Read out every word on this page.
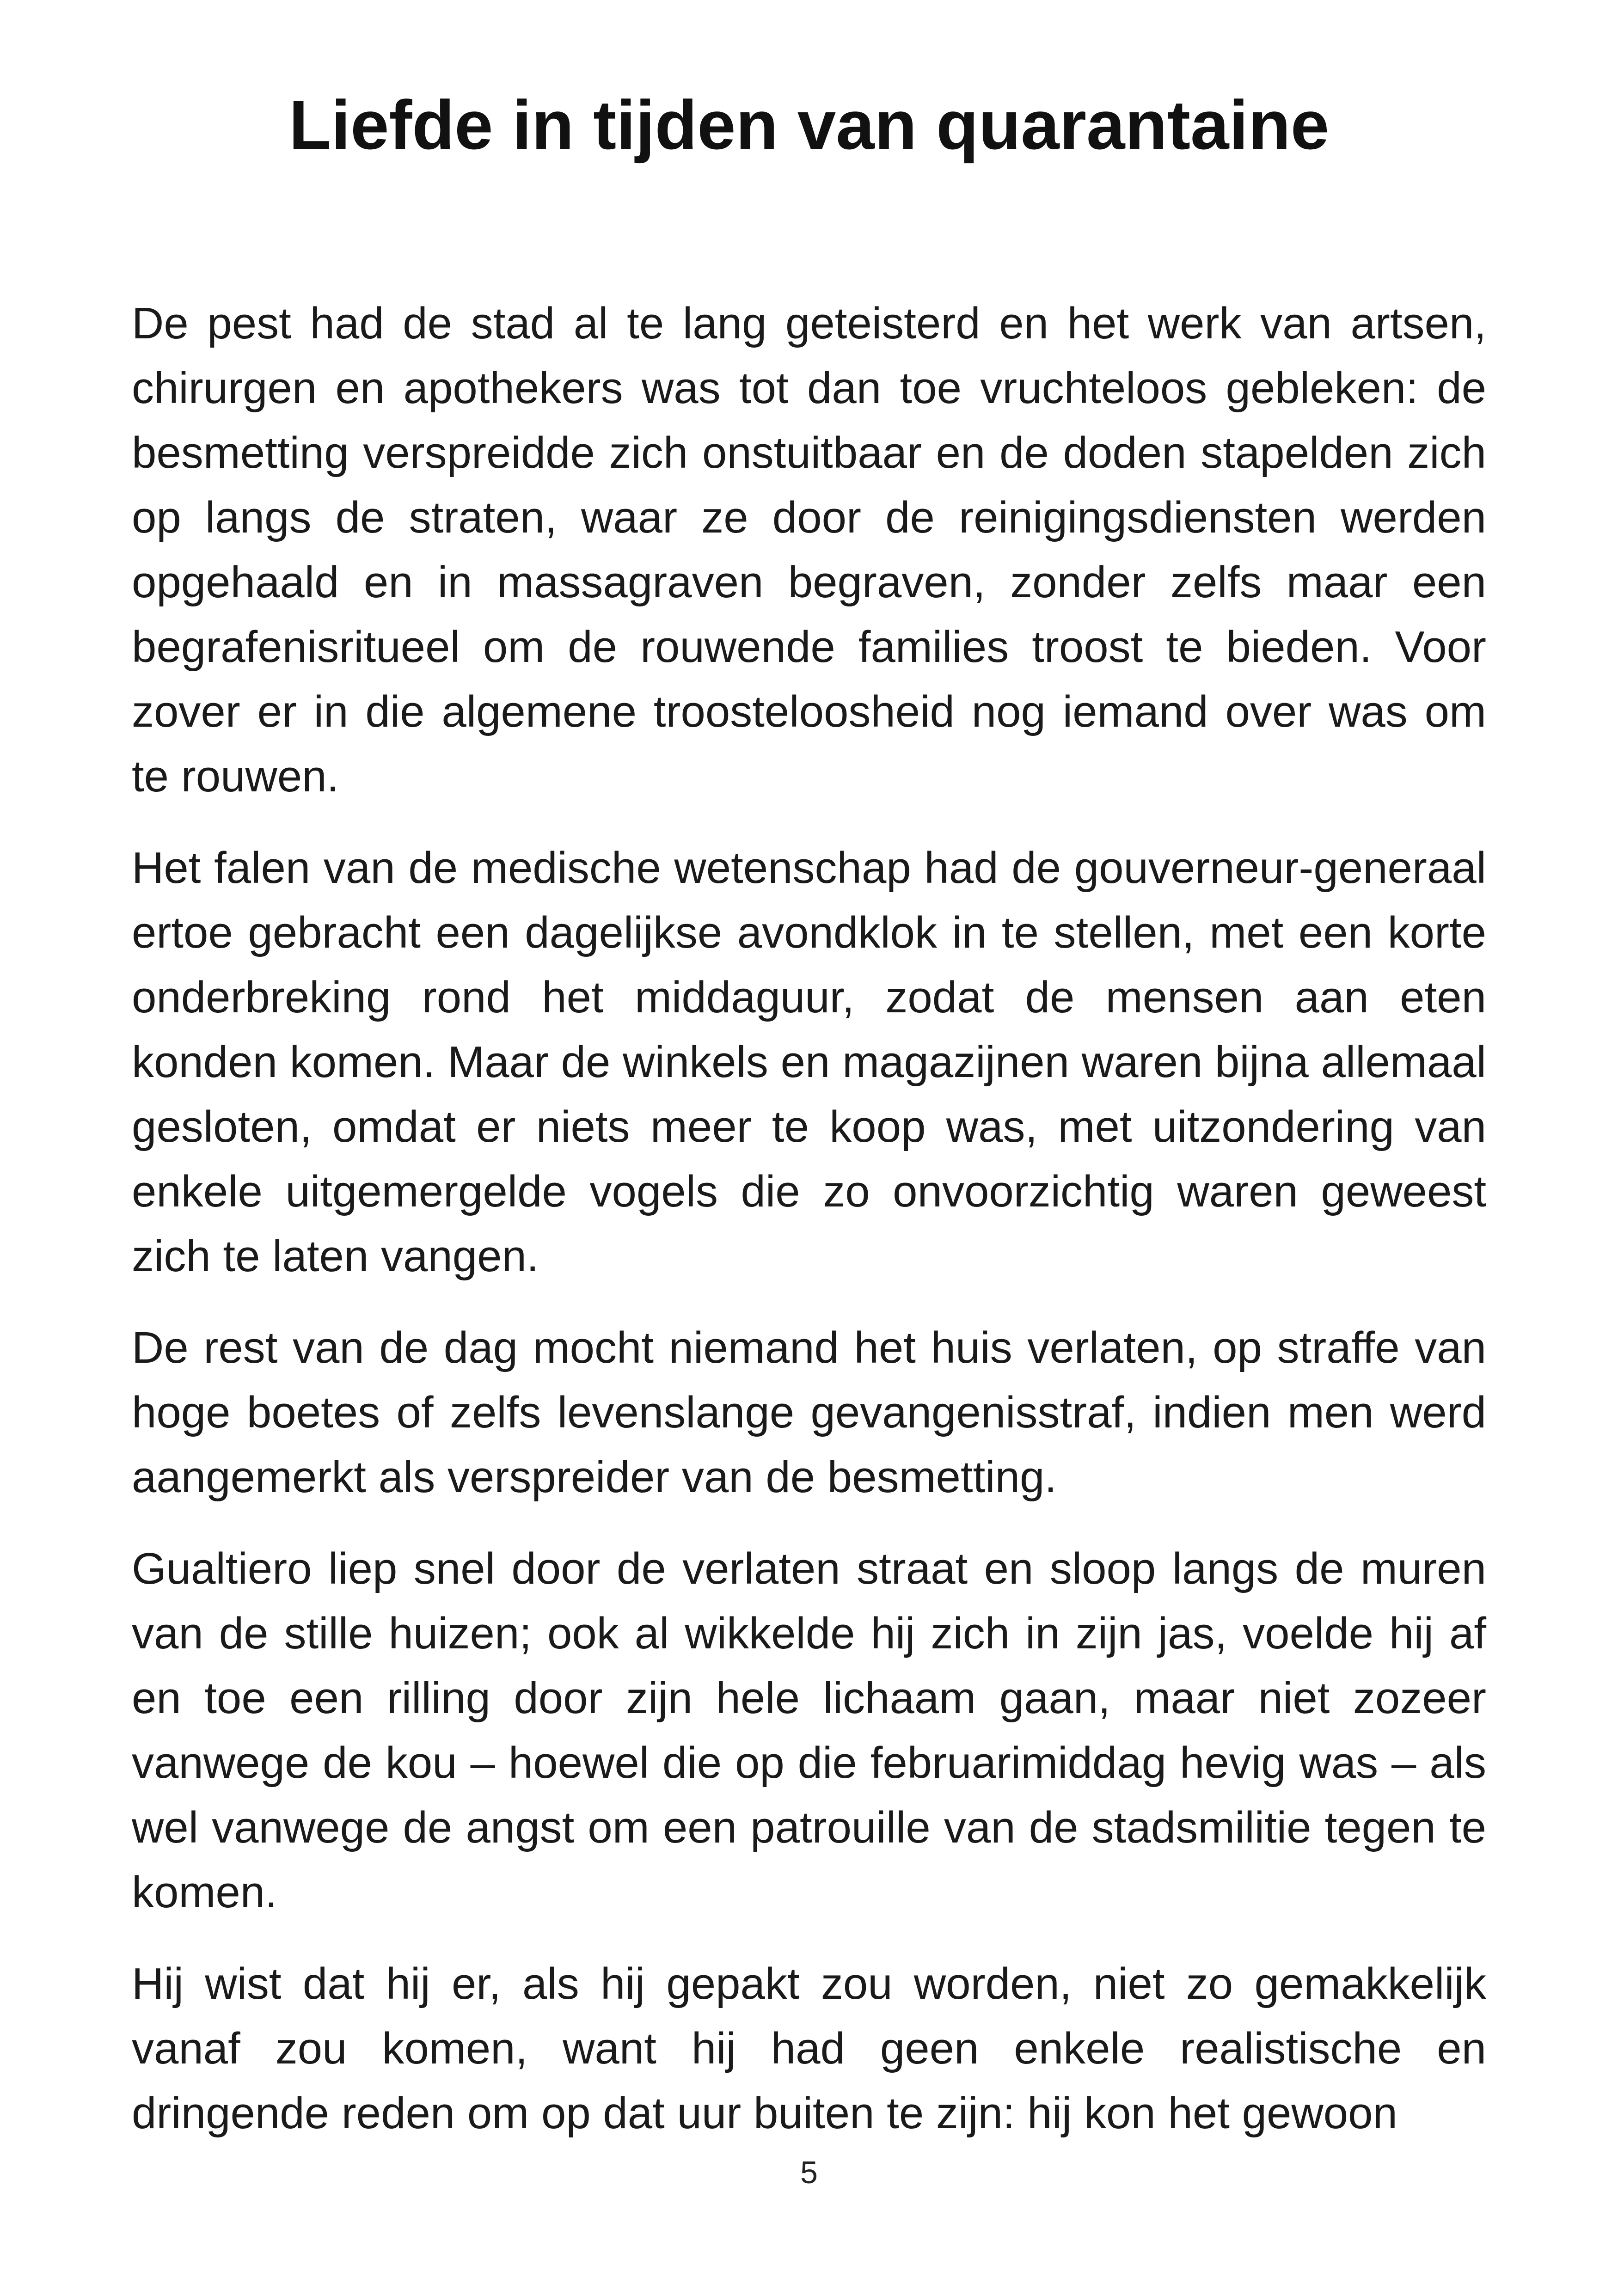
Liefde in tijden van quarantaine

De pest had de stad al te lang geteisterd en het werk van artsen, chirurgen en apothekers was tot dan toe vruchteloos gebleken: de besmetting verspreidde zich onstuitbaar en de doden stapelden zich op langs de straten, waar ze door de reinigingsdiensten werden opgehaald en in massagraven begraven, zonder zelfs maar een begrafenisritueel om de rouwende families troost te bieden. Voor zover er in die algemene troosteloosheid nog iemand over was om te rouwen.

Het falen van de medische wetenschap had de gouverneur-generaal ertoe gebracht een dagelijkse avondklok in te stellen, met een korte onderbreking rond het middaguur, zodat de mensen aan eten konden komen. Maar de winkels en magazijnen waren bijna allemaal gesloten, omdat er niets meer te koop was, met uitzondering van enkele uitgemergelde vogels die zo onvoorzichtig waren geweest zich te laten vangen.

De rest van de dag mocht niemand het huis verlaten, op straffe van hoge boetes of zelfs levenslange gevangenisstraf, indien men werd aangemerkt als verspreider van de besmetting.

Gualtiero liep snel door de verlaten straat en sloop langs de muren van de stille huizen; ook al wikkelde hij zich in zijn jas, voelde hij af en toe een rilling door zijn hele lichaam gaan, maar niet zozeer vanwege de kou – hoewel die op die februarimiddag hevig was – als wel vanwege de angst om een patrouille van de stadsmilitie tegen te komen.

Hij wist dat hij er, als hij gepakt zou worden, niet zo gemakkelijk vanaf zou komen, want hij had geen enkele realistische en dringende reden om op dat uur buiten te zijn: hij kon het gewoon

5
